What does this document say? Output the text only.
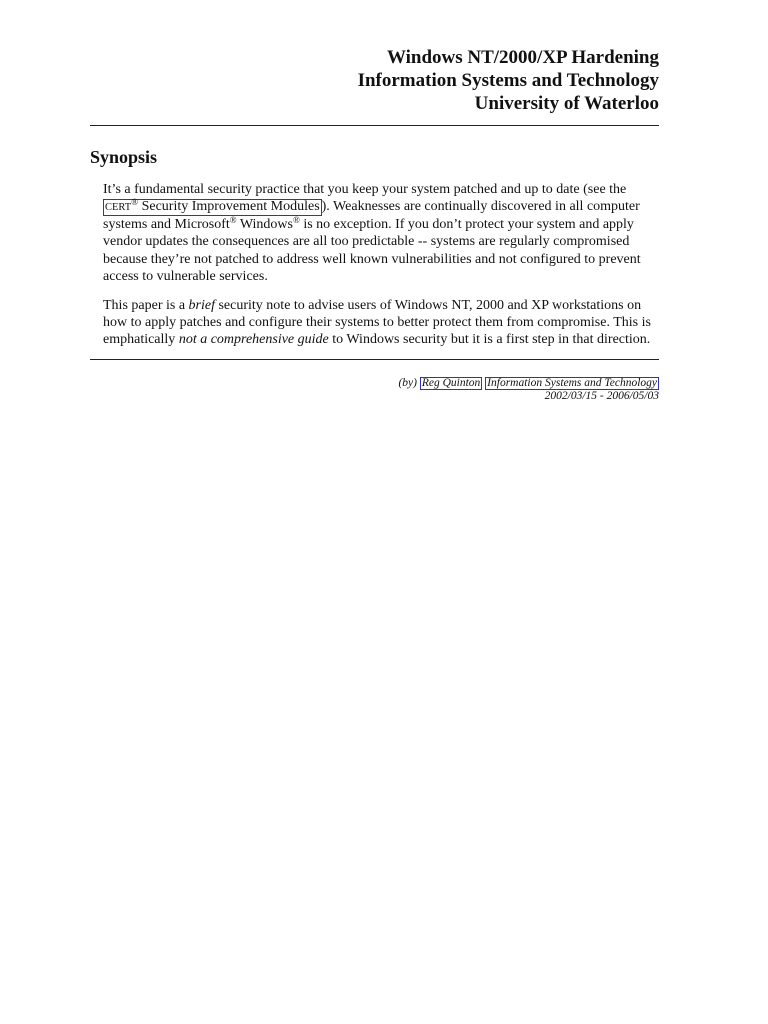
Windows NT/2000/XP Hardening
Information Systems and Technology
University of Waterloo
Synopsis
It’s a fundamental security practice that you keep your system patched and up to date (see the CERT® Security Improvement Modules ). Weaknesses are continually discovered in all computer systems and Microsoft® Windows® is no exception. If you don’t protect your system and apply vendor updates the consequences are all too predictable -- systems are regularly compromised because they’re not patched to address well known vulnerabilities and not configured to prevent access to vulnerable services.
This paper is a brief security note to advise users of Windows NT, 2000 and XP workstations on how to apply patches and configure their systems to better protect them from compromise. This is emphatically not a comprehensive guide to Windows security but it is a first step in that direction.
(by) Reg Quinton Information Systems and Technology
2002/03/15 - 2006/05/03
